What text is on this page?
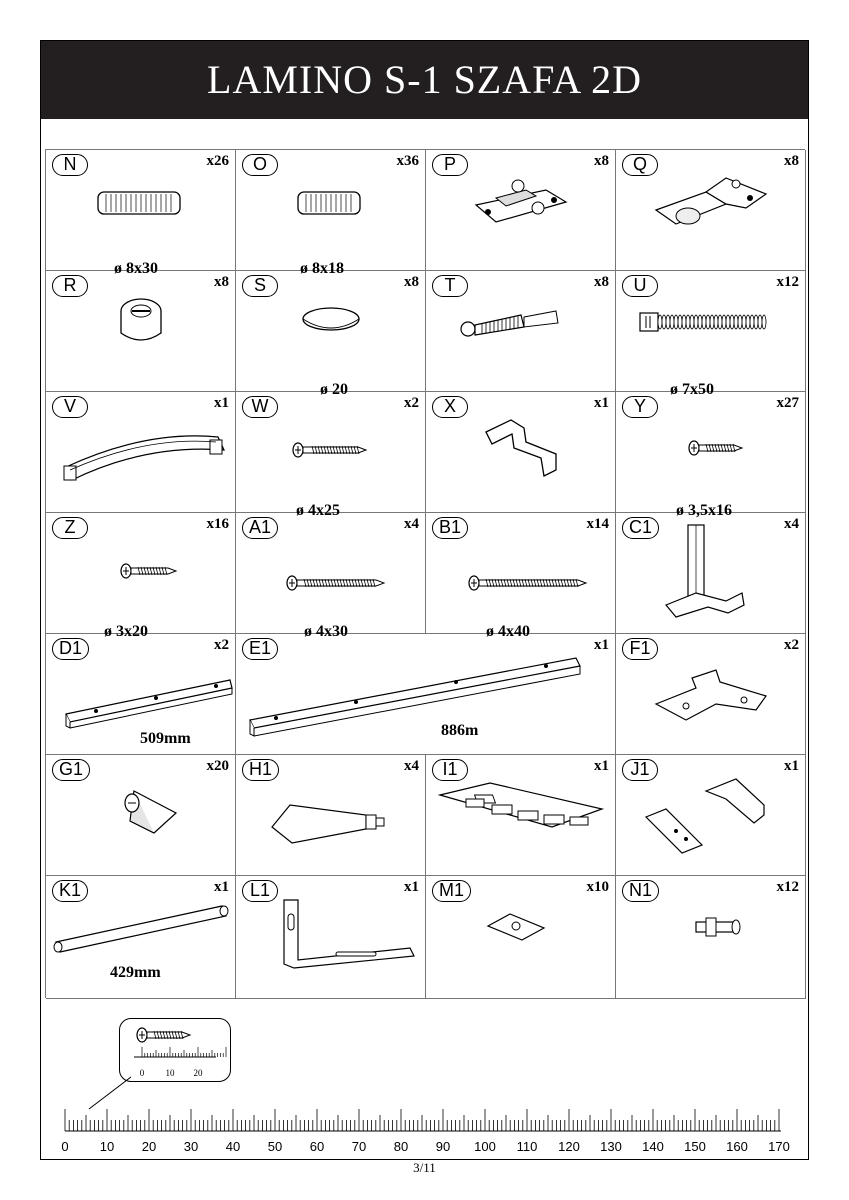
LAMINO S-1 SZAFA 2D
N	x26
ø 8x30
O	x36
ø 8x18
P	x8	Q	x8
R	x8	S	x8
ø 20
T	x8	U	x12
ø 7x50
V	x1	W	x2
ø 4x25
X	x1	Y	x27
ø 3,5x16
Z	x16
ø 3x20
A1	x4
ø 4x30
B1	x14
ø 4x40
C1	x4
D1	x2
509mm
E1	x1
886m
F1	x2
G1	x20	H1	x4	I1	x1	J1	x1
K1	x1
429mm
L1	x1	M1	x10	N1	x12
0 10 20
0 10 20 30 40 50 60 70 80 90 100 110 120 130 140 150 160 170
3/11
